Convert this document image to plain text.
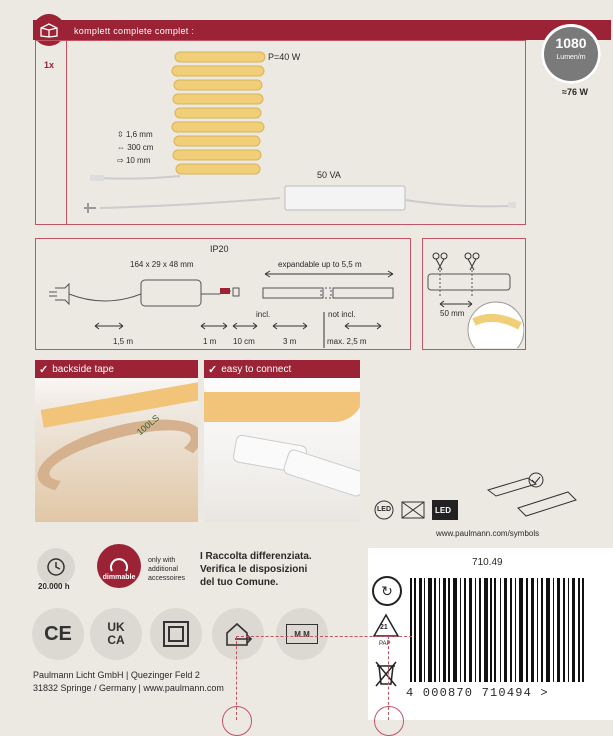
komplett complete complet :
1x
1080
Lumen/m
≈76 W
P=40 W
⇳ 1,6 mm
⇔ 300 cm
⇨ 10 mm
50 VA
IP20
164 x 29 x 48 mm	expandable up to 5,5 m
incl.	not incl.
1,5 m	1 m 10 cm	3 m	max. 2,5 m
50 mm
100LS
✓ backside tape	✓ easy to connect
LED	LED
www.paulmann.com/symbols
20.000 h
dimmable
only with additional accessoires
I Raccolta differenziata.
Verifica le disposizioni
del tuo Comune.
710.49
↻
21
PAP
4 000870 710494 >
CE	UK
CA	M M
Paulmann Licht GmbH | Quezinger Feld 2
31832 Springe / Germany | www.paulmann.com
